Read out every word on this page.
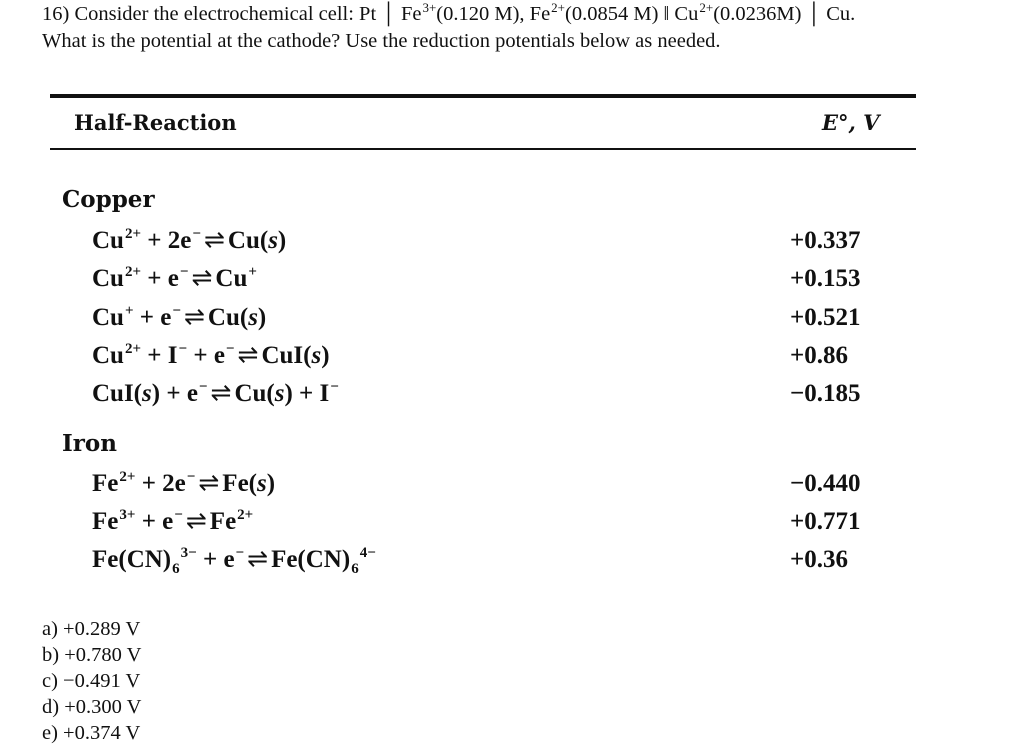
16) Consider the electrochemical cell: Pt │ $Fe^{3+}(0.120$ M), $Fe^{2+}(0.0854$ M) ‖ $Cu^{2+}(0.0236M)$ │ Cu.
What is the potential at the cathode? Use the reduction potentials below as needed.
Half-Reaction	E°, V
Copper
$Cu^{2+} + 2e^-$ ⇌ Cu(s)	+0.337
$Cu^{2+} + e^-$ ⇌ Cu+	+0.153
Cu+ + e− ⇌ Cu(s)	+0.521
$Cu^{2+} + I^- + e^-$ ⇌ CuI(s)	+0.86
CuI(s) + e− ⇌ Cu(s) + I−	−0.185
Iron
$Fe^{2+} + 2e^-$ ⇌ Fe(s)	−0.440
$Fe^{3+} + e^-$ ⇌ $Fe^{2+}$	+0.771
$Fe(CN)_6^{3-} + e^-$ ⇌ $Fe(CN)_6^{4-}$	+0.36
a) +0.289 V
b) +0.780 V
c) −0.491 V
d) +0.300 V
e) +0.374 V
